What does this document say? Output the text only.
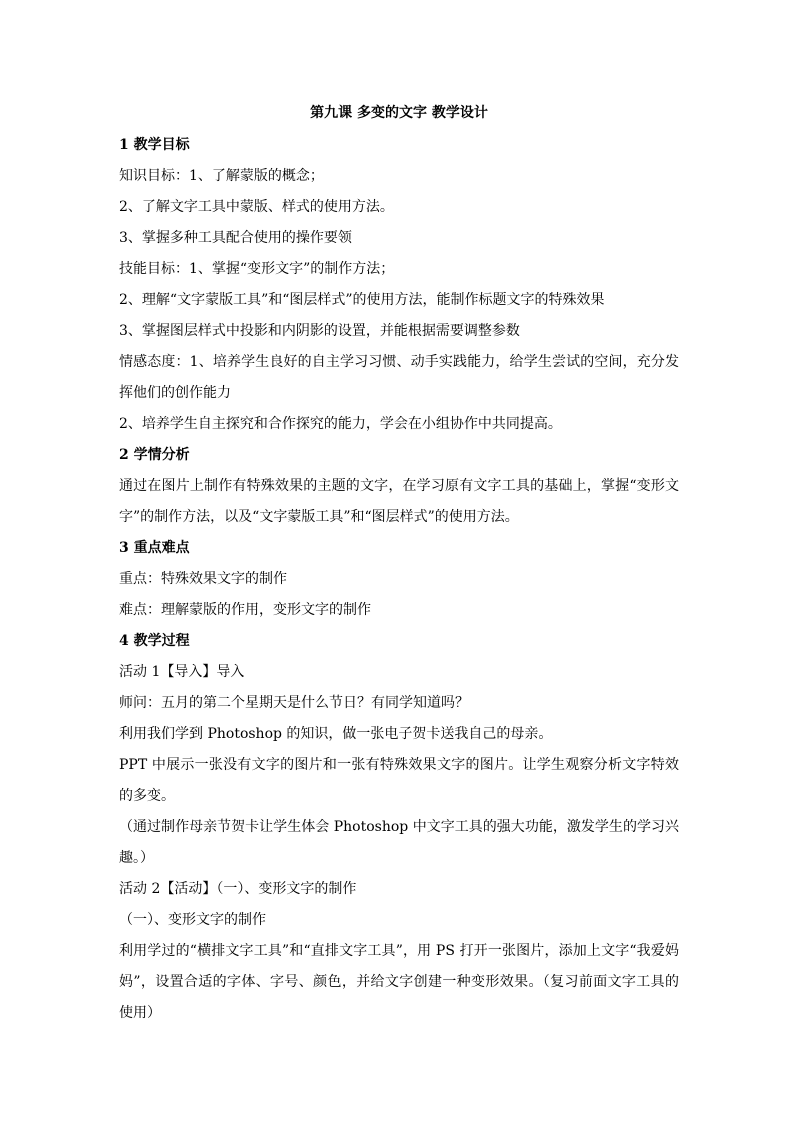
第九课 多变的文字 教学设计
1 教学目标

知识目标：1、了解蒙版的概念；

2、了解文字工具中蒙版、样式的使用方法。

3、掌握多种工具配合使用的操作要领

技能目标：1、掌握“变形文字”的制作方法；

2、理解“文字蒙版工具”和“图层样式”的使用方法，能制作标题文字的特殊效果

3、掌握图层样式中投影和内阴影的设置，并能根据需要调整参数

情感态度：1、培养学生良好的自主学习习惯、动手实践能力，给学生尝试的空间，充分发挥他们的创作能力

2、培养学生自主探究和合作探究的能力，学会在小组协作中共同提高。

2 学情分析

通过在图片上制作有特殊效果的主题的文字，在学习原有文字工具的基础上，掌握“变形文字”的制作方法，以及“文字蒙版工具”和“图层样式”的使用方法。

3 重点难点

重点：特殊效果文字的制作

难点：理解蒙版的作用，变形文字的制作

4 教学过程

活动 1【导入】导入

师问：五月的第二个星期天是什么节日？有同学知道吗？

利用我们学到 Photoshop 的知识，做一张电子贺卡送我自己的母亲。

PPT 中展示一张没有文字的图片和一张有特殊效果文字的图片。让学生观察分析文字特效的多变。

（通过制作母亲节贺卡让学生体会 Photoshop 中文字工具的强大功能，激发学生的学习兴趣。）

活动 2【活动】（一）、变形文字的制作

（一）、变形文字的制作

利用学过的“横排文字工具”和“直排文字工具”，用 PS 打开一张图片，添加上文字“我爱妈妈”，设置合适的字体、字号、颜色，并给文字创建一种变形效果。（复习前面文字工具的使用）
